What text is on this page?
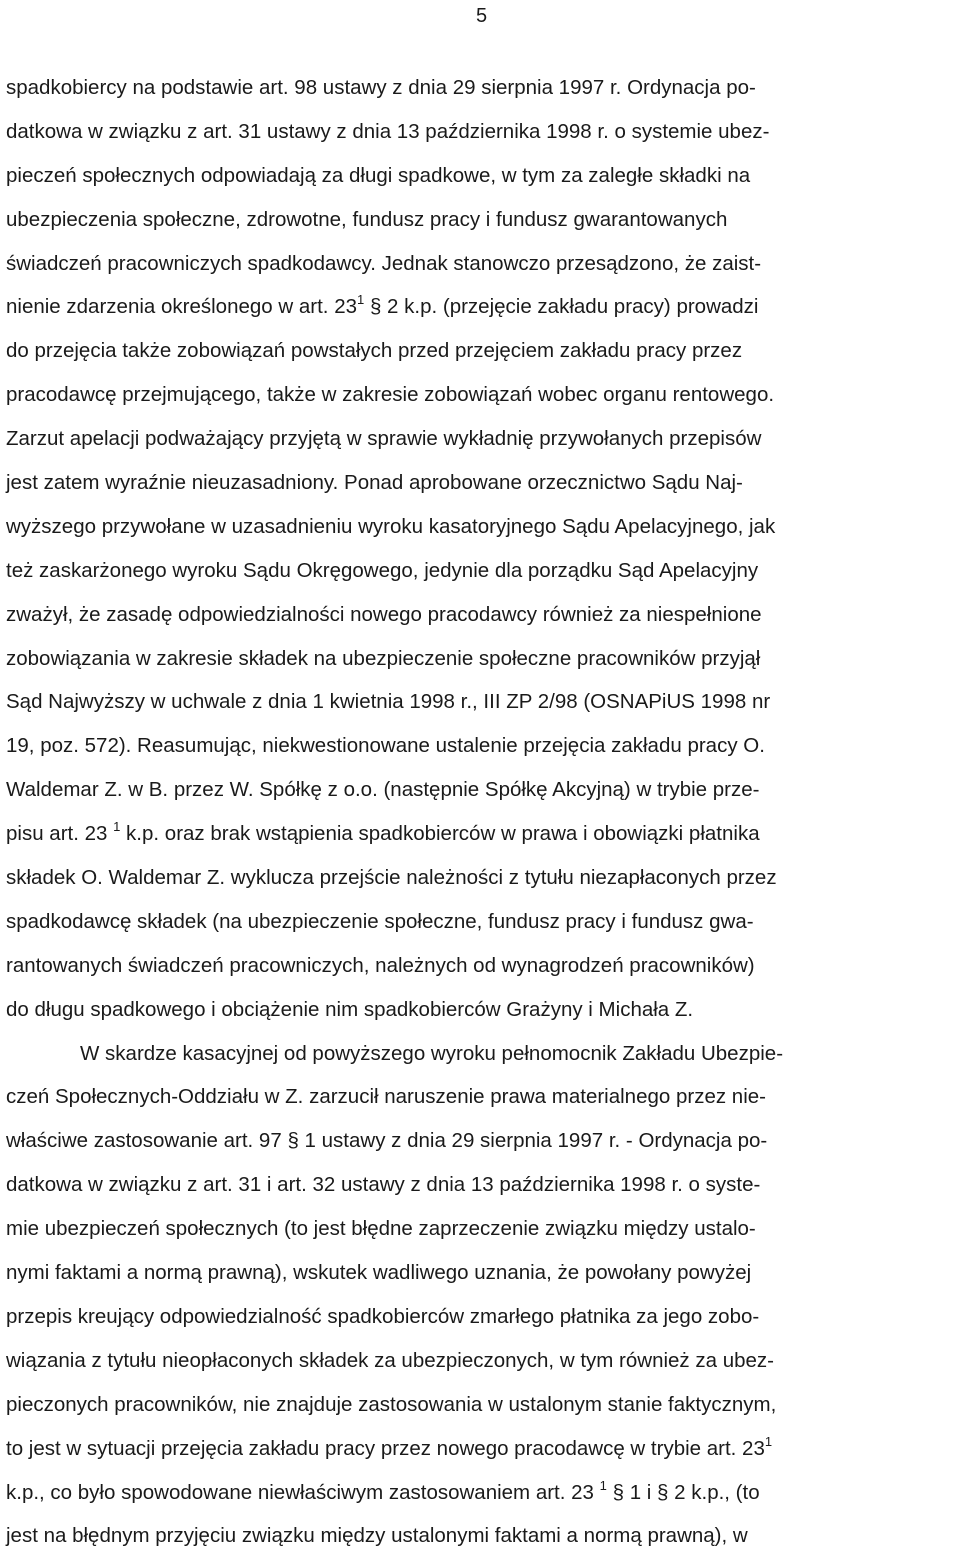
5
spadkobiercy na podstawie art. 98 ustawy z dnia 29 sierpnia 1997 r. Ordynacja po-
datkowa w związku z art. 31 ustawy z dnia 13 października 1998 r. o systemie ubez-
pieczeń społecznych odpowiadają za długi spadkowe, w tym za zaległe składki na
ubezpieczenia społeczne, zdrowotne, fundusz pracy i fundusz gwarantowanych
świadczeń pracowniczych spadkodawcy. Jednak stanowczo przesądzono, że zaist-
nienie zdarzenia określonego w art. $23^1$ § 2 k.p. (przejęcie zakładu pracy) prowadzi
do przejęcia także zobowiązań powstałych przed przejęciem zakładu pracy przez
pracodawcę przejmującego, także w zakresie zobowiązań wobec organu rentowego.
Zarzut apelacji podważający przyjętą w sprawie wykładnię przywołanych przepisów
jest zatem wyraźnie nieuzasadniony. Ponad aprobowane orzecznictwo Sądu Naj-
wyższego przywołane w uzasadnieniu wyroku kasatoryjnego Sądu Apelacyjnego, jak
też zaskarżonego wyroku Sądu Okręgowego, jedynie dla porządku Sąd Apelacyjny
zważył, że zasadę odpowiedzialności nowego pracodawcy również za niespełnione
zobowiązania w zakresie składek na ubezpieczenie społeczne pracowników przyjął
Sąd Najwyższy w uchwale z dnia 1 kwietnia 1998 r., III ZP 2/98 (OSNAPiUS 1998 nr
19, poz. 572). Reasumując, niekwestionowane ustalenie przejęcia zakładu pracy O.
Waldemar Z. w B. przez W. Spółkę z o.o. (następnie Spółkę Akcyjną) w trybie prze-
pisu art. 23 $^1$ k.p. oraz brak wstąpienia spadkobierców w prawa i obowiązki płatnika
składek O. Waldemar Z. wyklucza przejście należności z tytułu niezapłaconych przez
spadkodawcę składek (na ubezpieczenie społeczne, fundusz pracy i fundusz gwa-
rantowanych świadczeń pracowniczych, należnych od wynagrodzeń pracowników)
do długu spadkowego i obciążenie nim spadkobierców Grażyny i Michała Z.
W skardze kasacyjnej od powyższego wyroku pełnomocnik Zakładu Ubezpie-
czeń Społecznych-Oddziału w Z. zarzucił naruszenie prawa materialnego przez nie-
właściwe zastosowanie art. 97 § 1 ustawy z dnia 29 sierpnia 1997 r. - Ordynacja po-
datkowa w związku z art. 31 i art. 32 ustawy z dnia 13 października 1998 r. o syste-
mie ubezpieczeń społecznych (to jest błędne zaprzeczenie związku między ustalo-
nymi faktami a normą prawną), wskutek wadliwego uznania, że powołany powyżej
przepis kreujący odpowiedzialność spadkobierców zmarłego płatnika za jego zobo-
wiązania z tytułu nieopłaconych składek za ubezpieczonych, w tym również za ubez-
pieczonych pracowników, nie znajduje zastosowania w ustalonym stanie faktycznym,
to jest w sytuacji przejęcia zakładu pracy przez nowego pracodawcę w trybie art. $23^1$
k.p., co było spowodowane niewłaściwym zastosowaniem art. 23 $^1$ § 1 i § 2 k.p., (to
jest na błędnym przyjęciu związku między ustalonymi faktami a normą prawną), w
